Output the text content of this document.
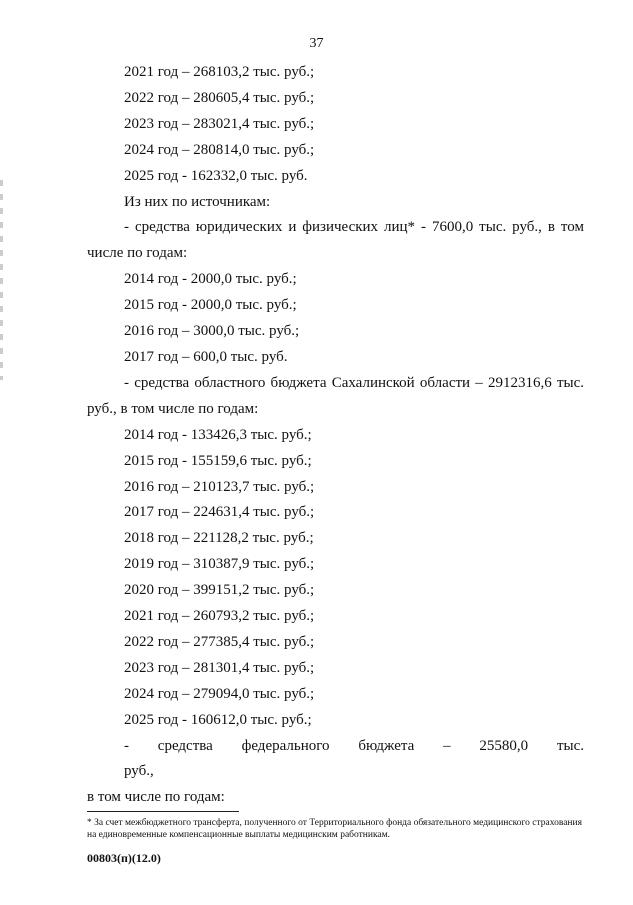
37

2021 год – 268103,2 тыс. руб.;

2022 год – 280605,4 тыс. руб.;

2023 год – 283021,4 тыс. руб.;

2024 год – 280814,0 тыс. руб.;

2025 год - 162332,0 тыс. руб.

Из них по источникам:

- средства юридических и физических лиц* - 7600,0 тыс. руб., в том
числе по годам:

2014 год - 2000,0 тыс. руб.;

2015 год - 2000,0 тыс. руб.;

2016 год – 3000,0 тыс. руб.;

2017 год – 600,0 тыс. руб.

- средства областного бюджета Сахалинской области – 2912316,6 тыс.
руб., в том числе по годам:

2014 год - 133426,3 тыс. руб.;

2015 год - 155159,6 тыс. руб.;

2016 год – 210123,7 тыс. руб.;

2017 год – 224631,4 тыс. руб.;

2018 год – 221128,2 тыс. руб.;

2019 год – 310387,9 тыс. руб.;

2020 год – 399151,2 тыс. руб.;

2021 год – 260793,2 тыс. руб.;

2022 год – 277385,4 тыс. руб.;

2023 год – 281301,4 тыс. руб.;

2024 год – 279094,0 тыс. руб.;

2025 год - 160612,0 тыс. руб.;

- средства федерального бюджета – 25580,0 тыс. руб.,
в том числе по годам:

* За счет межбюджетного трансферта, полученного от Территориального фонда обязательного медицинского страхования на единовременные компенсационные выплаты медицинским работникам.
00803(п)(12.0)
